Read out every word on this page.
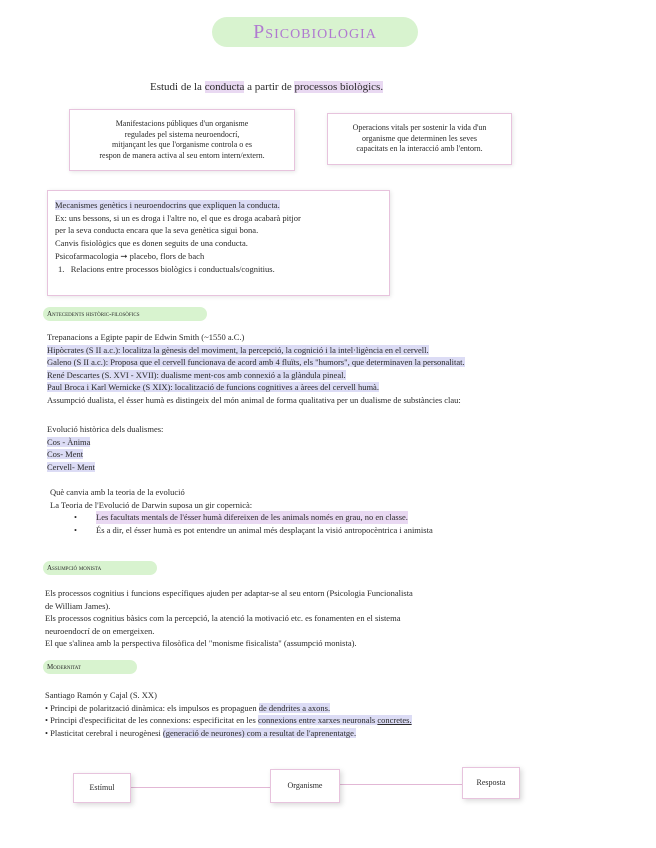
Psicobiologia
Estudi de la conducta a partir de processos biològics.
Manifestacions públiques d'un organisme
regulades pel sistema neuroendocrí,
mitjançant les que l'organisme controla o es
respon de manera activa al seu entorn intern/extern.
Operacions vitals per sostenir la vida d'un
organisme que determinen les seves
capacitats en la interacció amb l'entorn.
Mecanismes genètics i neuroendocrins que expliquen la conducta.
Ex: uns bessons, si un es droga i l'altre no, el que es droga acabarà pitjor
per la seva conducta encara que la seva genètica sigui bona.
Canvis fisiològics que es donen seguits de una conducta.
Psicofarmacologia ➞ placebo, flors de bach
1. Relacions entre processos biològics i conductuals/cognitius.
Antecedents històric-filosòfics
Trepanacions a Egipte papir de Edwin Smith (~1550 a.C.)
Hipòcrates (S II a.c.): localitza la gènesis del moviment, la percepció, la cognició i la intel·ligència en el cervell.
Galeno (S II a.c.): Proposa que el cervell funcionava de acord amb 4 fluïts, els "humors", que determinaven la personalitat.
René Descartes (S. XVI - XVII): dualisme ment-cos amb connexió a la glàndula pineal.
Paul Broca i Karl Wernicke (S XIX): localització de funcions cognitives a àrees del cervell humà.
Assumpció dualista, el ésser humà es distingeix del món animal de forma qualitativa per un dualisme de substàncies clau:
Evolució històrica dels dualismes:
Cos - Ànima
Cos- Ment
Cervell- Ment
Què canvia amb la teoria de la evolució
La Teoria de l'Evolució de Darwin suposa un gir copernicà:
•	Les facultats mentals de l'ésser humà difereixen de les animals només en grau, no en classe.
•	És a dir, el ésser humà es pot entendre un animal més desplaçant la visió antropocèntrica i animista
Assumpció monista
Els processos cognitius i funcions específiques ajuden per adaptar-se al seu entorn (Psicologia Funcionalista
de William James).
Els processos cognitius bàsics com la percepció, la atenció la motivació etc. es fonamenten en el sistema
neuroendocrí de on emergeixen.
El que s'alinea amb la perspectiva filosòfica del "monisme fisicalista" (assumpció monista).
Modernitat
Santiago Ramón y Cajal (S. XX)
• Principi de polarització dinàmica: els impulsos es propaguen de dendrites a axons.
• Principi d'especificitat de les connexions: especificitat en les connexions entre xarxes neuronals concretes.
• Plasticitat cerebral i neurogènesi (generació de neurones) com a resultat de l'aprenentatge.
Estímul	Organisme	Resposta
